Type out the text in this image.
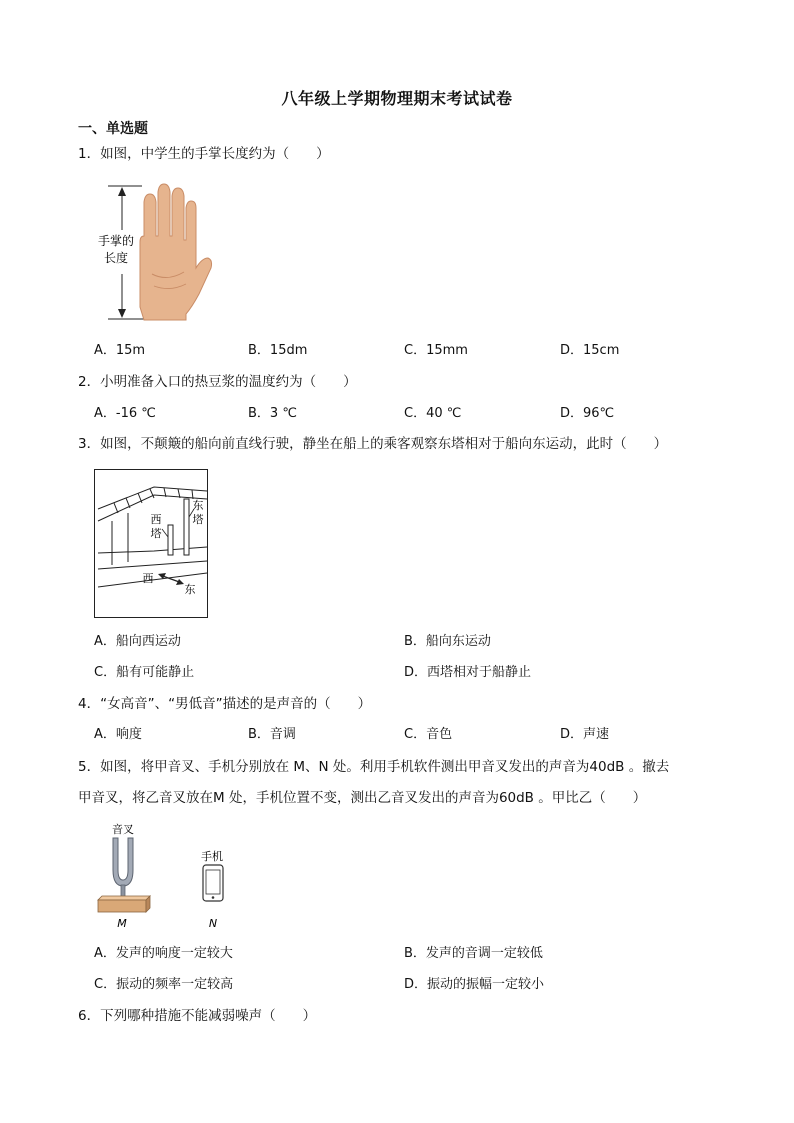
八年级上学期物理期末考试试卷
一、单选题
1．如图，中学生的手掌长度约为（　　）
手掌的
长度
A．15m	B．15dm	C．15mm	D．15cm
2．小明准备入口的热豆浆的温度约为（　　）
A．-16 ℃	B．3 ℃	C．40 ℃	D．96℃
3．如图，不颠簸的船向前直线行驶，静坐在船上的乘客观察东塔相对于船向东运动，此时（　　）
西
塔
东
塔
西
东
A．船向西运动	B．船向东运动
C．船有可能静止	D．西塔相对于船静止
4．“女高音”、“男低音”描述的是声音的（　　）
A．响度	B．音调	C．音色	D．声速
5．如图，将甲音叉、手机分别放在 M、N 处。利用手机软件测出甲音叉发出的声音为40dB 。撤去
甲音叉，将乙音叉放在M 处，手机位置不变，测出乙音叉发出的声音为60dB 。甲比乙（　　）
音叉
M
手机
N
A．发声的响度一定较大	B．发声的音调一定较低
C．振动的频率一定较高	D．振动的振幅一定较小
6．下列哪种措施不能减弱噪声（　　）
